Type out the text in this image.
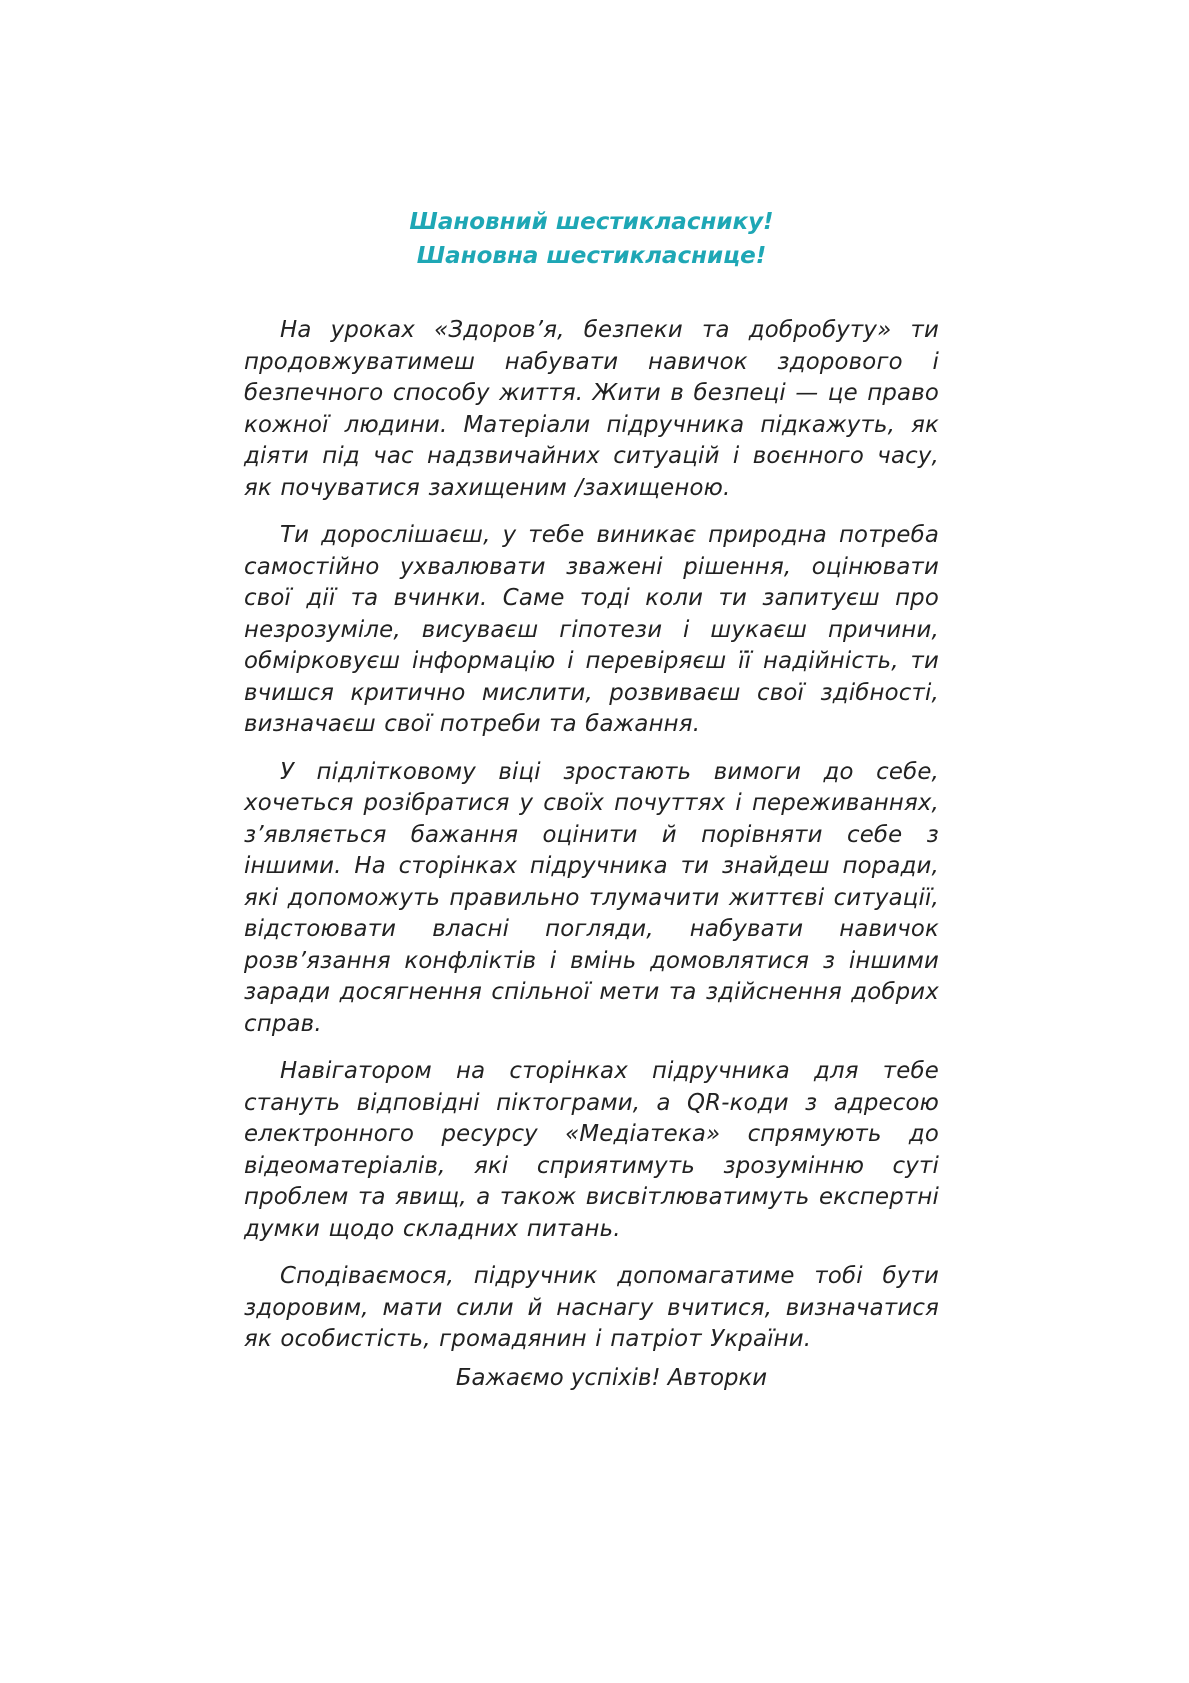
Шановний шестикласнику!
Шановна шестикласнице!

На уроках «Здоров’я, безпеки та добробуту» ти продовжуватимеш набувати навичок здорового і безпечного способу життя. Жити в безпеці — це право кожної людини. Матеріали підручника підкажуть, як діяти під час надзвичайних ситуацій і воєнного часу, як почуватися захищеним /захищеною.

Ти дорослішаєш, у тебе виникає природна потреба самостійно ухвалювати зважені рішення, оцінювати свої дії та вчинки. Саме тоді коли ти запитуєш про незрозуміле, висуваєш гіпотези і шукаєш причини, обмірковуєш інформацію і перевіряєш її надійність, ти вчишся критично мислити, розвиваєш свої здібності, визначаєш свої потреби та бажання.

У підлітковому віці зростають вимоги до себе, хочеться розібратися у своїх почуттях і переживаннях, з’являється бажання оцінити й порівняти себе з іншими. На сторінках підручника ти знайдеш поради, які допоможуть правильно тлумачити життєві ситуації, відстоювати власні погляди, набувати навичок розв’язання конфліктів і вмінь домовлятися з іншими заради досягнення спільної мети та здійснення добрих справ.

Навігатором на сторінках підручника для тебе стануть відповідні піктограми, а QR-коди з адресою електронного ресурсу «Медіатека» спрямують до відеоматеріалів, які сприятимуть зрозумінню суті проблем та явищ, а також висвітлюватимуть експертні думки щодо складних питань.

Сподіваємося, підручник допомагатиме тобі бути здоровим, мати сили й наснагу вчитися, визначатися як особистість, громадянин і патріот України.

Бажаємо успіхів! Авторки
